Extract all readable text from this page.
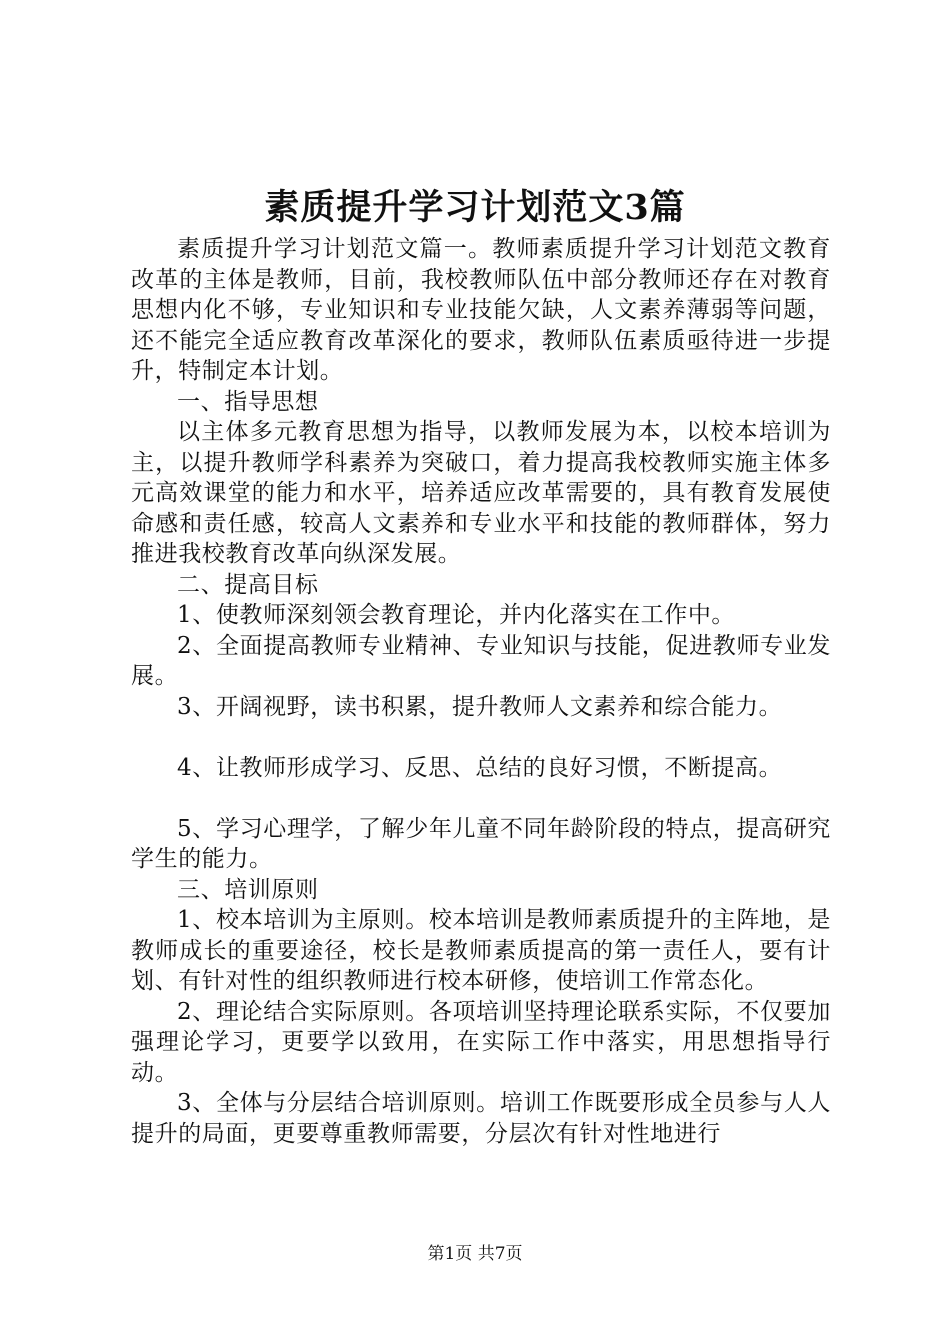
素质提升学习计划范文3篇

素质提升学习计划范文篇一。教师素质提升学习计划范文教育改革的主体是教师，目前，我校教师队伍中部分教师还存在对教育思想内化不够，专业知识和专业技能欠缺，人文素养薄弱等问题，还不能完全适应教育改革深化的要求，教师队伍素质亟待进一步提升，特制定本计划。

一、指导思想

以主体多元教育思想为指导，以教师发展为本，以校本培训为主，以提升教师学科素养为突破口，着力提高我校教师实施主体多元高效课堂的能力和水平，培养适应改革需要的，具有教育发展使命感和责任感，较高人文素养和专业水平和技能的教师群体，努力推进我校教育改革向纵深发展。

二、提高目标

1、使教师深刻领会教育理论，并内化落实在工作中。

2、全面提高教师专业精神、专业知识与技能，促进教师专业发展。

3、开阔视野，读书积累，提升教师人文素养和综合能力。

4、让教师形成学习、反思、总结的良好习惯，不断提高。

5、学习心理学，了解少年儿童不同年龄阶段的特点，提高研究学生的能力。

三、培训原则

1、校本培训为主原则。校本培训是教师素质提升的主阵地，是教师成长的重要途径，校长是教师素质提高的第一责任人，要有计划、有针对性的组织教师进行校本研修，使培训工作常态化。

2、理论结合实际原则。各项培训坚持理论联系实际，不仅要加强理论学习，更要学以致用，在实际工作中落实，用思想指导行动。

3、全体与分层结合培训原则。培训工作既要形成全员参与人人提升的局面，更要尊重教师需要，分层次有针对性地进行

第1页 共7页
